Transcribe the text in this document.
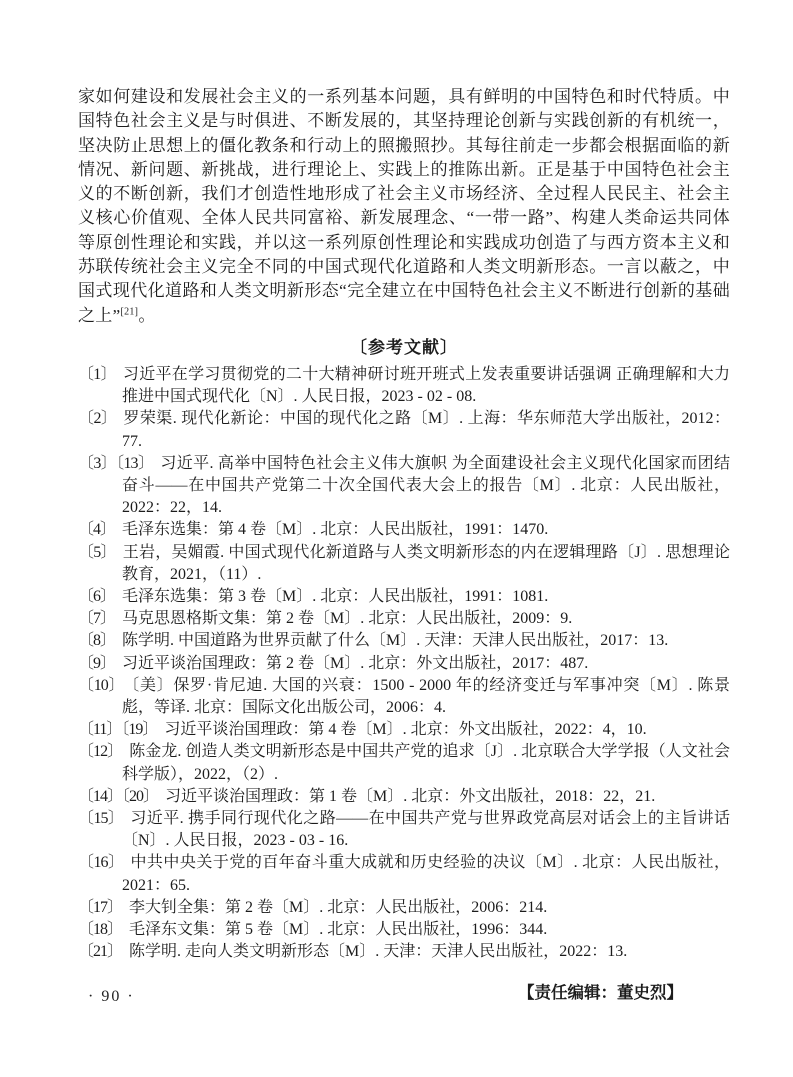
家如何建设和发展社会主义的一系列基本问题，具有鲜明的中国特色和时代特质。中国特色社会主义是与时俱进、不断发展的，其坚持理论创新与实践创新的有机统一，坚决防止思想上的僵化教条和行动上的照搬照抄。其每往前走一步都会根据面临的新情况、新问题、新挑战，进行理论上、实践上的推陈出新。正是基于中国特色社会主义的不断创新，我们才创造性地形成了社会主义市场经济、全过程人民民主、社会主义核心价值观、全体人民共同富裕、新发展理念、“一带一路”、构建人类命运共同体等原创性理论和实践，并以这一系列原创性理论和实践成功创造了与西方资本主义和苏联传统社会主义完全不同的中国式现代化道路和人类文明新形态。一言以蔽之，中国式现代化道路和人类文明新形态“完全建立在中国特色社会主义不断进行创新的基础之上”[21]。

〔参考文献〕
〔1〕 习近平在学习贯彻党的二十大精神研讨班开班式上发表重要讲话强调 正确理解和大力推进中国式现代化〔N〕. 人民日报，2023 - 02 - 08.
〔2〕 罗荣渠. 现代化新论：中国的现代化之路〔M〕. 上海：华东师范大学出版社，2012：77.
〔3〕〔13〕 习近平. 高举中国特色社会主义伟大旗帜 为全面建设社会主义现代化国家而团结奋斗——在中国共产党第二十次全国代表大会上的报告〔M〕. 北京：人民出版社，2022：22，14.
〔4〕 毛泽东选集：第 4 卷〔M〕. 北京：人民出版社，1991：1470.
〔5〕 王岩，吴媚霞. 中国式现代化新道路与人类文明新形态的内在逻辑理路〔J〕. 思想理论教育，2021，（11）.
〔6〕 毛泽东选集：第 3 卷〔M〕. 北京：人民出版社，1991：1081.
〔7〕 马克思恩格斯文集：第 2 卷〔M〕. 北京：人民出版社，2009：9.
〔8〕 陈学明. 中国道路为世界贡献了什么〔M〕. 天津：天津人民出版社，2017：13.
〔9〕 习近平谈治国理政：第 2 卷〔M〕. 北京：外文出版社，2017：487.
〔10〕 〔美〕保罗·肯尼迪. 大国的兴衰：1500 - 2000 年的经济变迁与军事冲突〔M〕. 陈景彪，等译. 北京：国际文化出版公司，2006：4.
〔11〕〔19〕 习近平谈治国理政：第 4 卷〔M〕. 北京：外文出版社，2022：4，10.
〔12〕 陈金龙. 创造人类文明新形态是中国共产党的追求〔J〕. 北京联合大学学报（人文社会科学版），2022，（2）.
〔14〕〔20〕 习近平谈治国理政：第 1 卷〔M〕. 北京：外文出版社，2018：22，21.
〔15〕 习近平. 携手同行现代化之路——在中国共产党与世界政党高层对话会上的主旨讲话〔N〕. 人民日报，2023 - 03 - 16.
〔16〕 中共中央关于党的百年奋斗重大成就和历史经验的决议〔M〕. 北京：人民出版社，2021：65.
〔17〕 李大钊全集：第 2 卷〔M〕. 北京：人民出版社，2006：214.
〔18〕 毛泽东文集：第 5 卷〔M〕. 北京：人民出版社，1996：344.
〔21〕 陈学明. 走向人类文明新形态〔M〕. 天津：天津人民出版社，2022：13.

【责任编辑：董史烈】

· 90 ·
